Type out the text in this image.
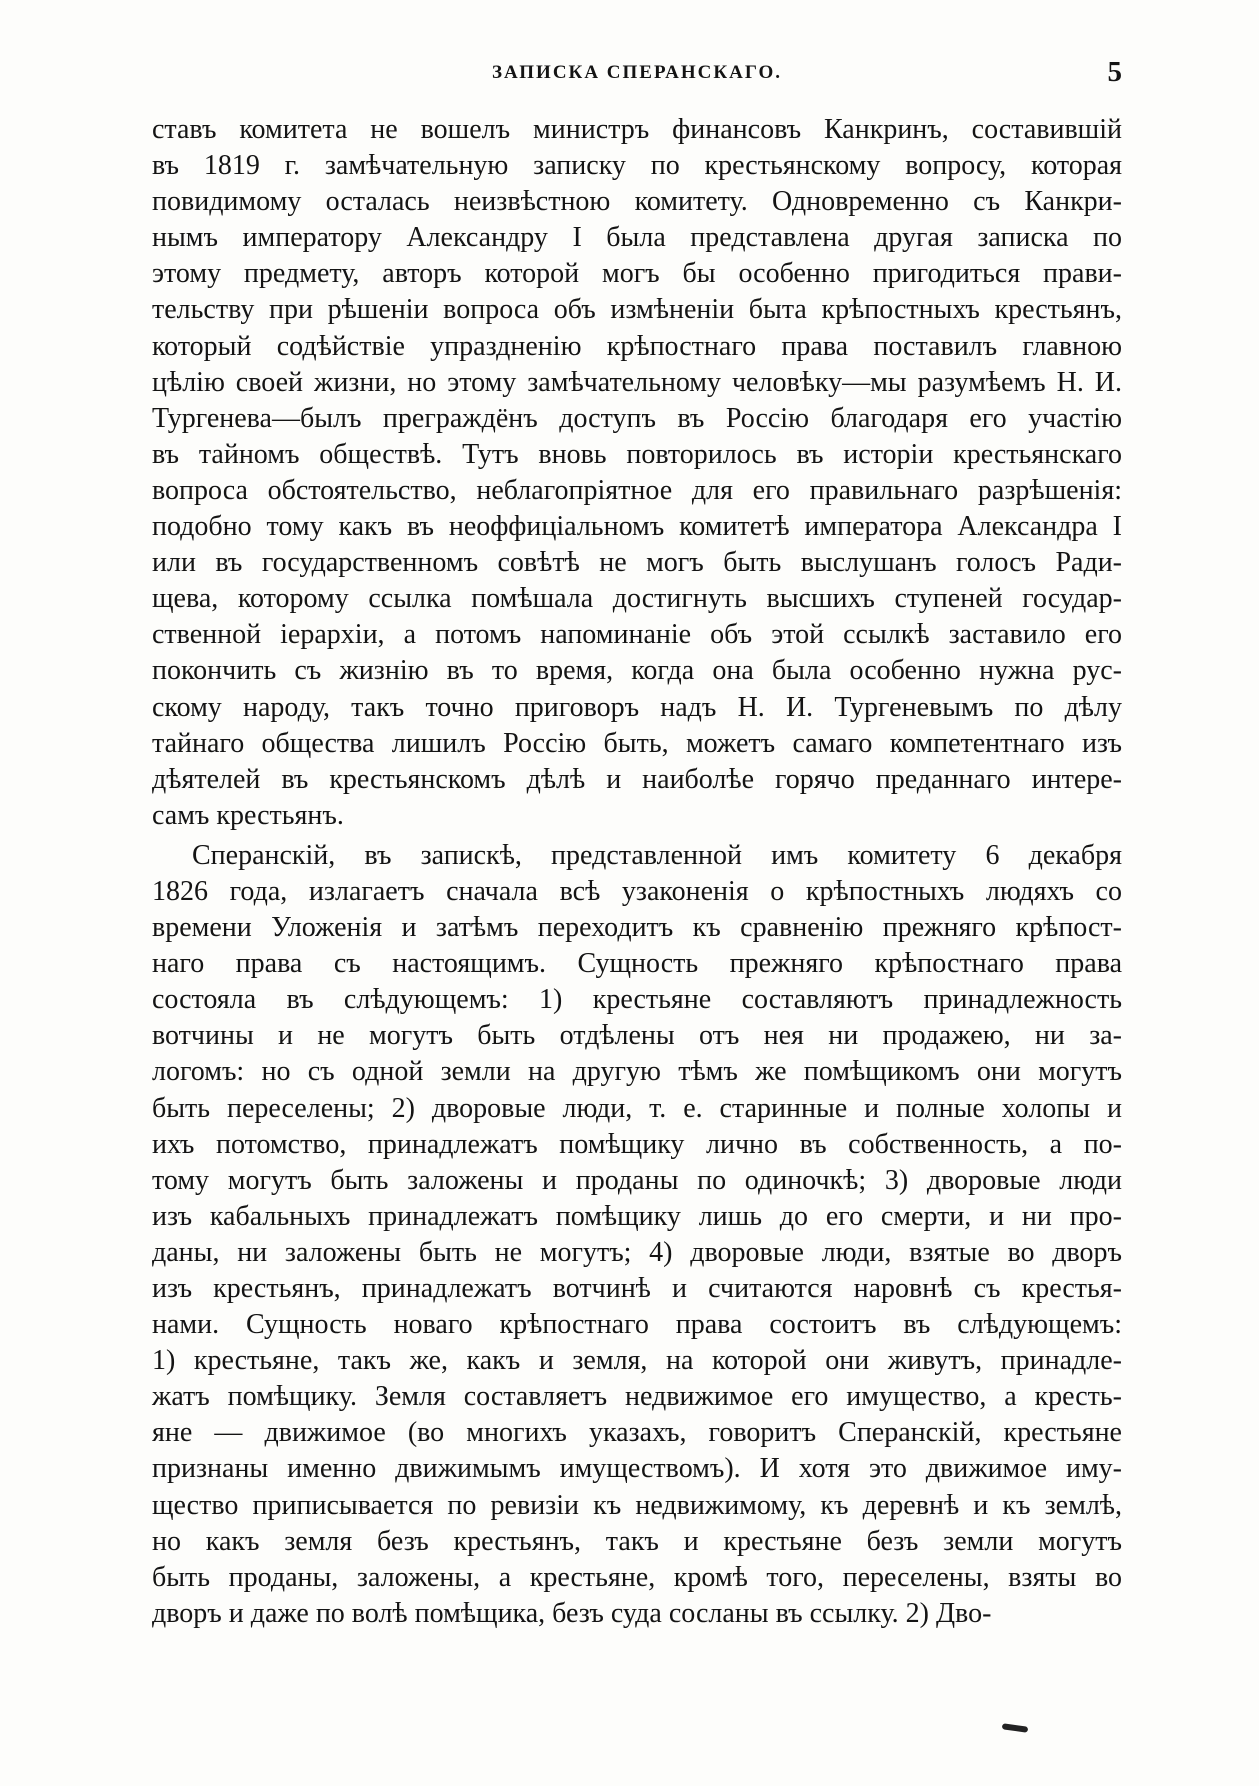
ЗАПИСКА СПЕРАНСКАГО.	5
ставъ комитета не вошелъ министръ финансовъ Канкринъ, составившій
въ 1819 г. замѣчательную записку по крестьянскому вопросу, которая
повидимому осталась неизвѣстною комитету. Одновременно съ Канкри-
нымъ императору Александру I была представлена другая записка по
этому предмету, авторъ которой могъ бы особенно пригодиться прави-
тельству при рѣшеніи вопроса объ измѣненіи быта крѣпостныхъ крестьянъ,
который содѣйствіе упраздненію крѣпостнаго права поставилъ главною
цѣлію своей жизни, но этому замѣчательному человѣку—мы разумѣемъ Н. И.
Тургенева—былъ преграждёнъ доступъ въ Россію благодаря его участію
въ тайномъ обществѣ. Тутъ вновь повторилось въ исторіи крестьянскаго
вопроса обстоятельство, неблагопріятное для его правильнаго разрѣшенія:
подобно тому какъ въ неоффиціальномъ комитетѣ императора Александра I
или въ государственномъ совѣтѣ не могъ быть выслушанъ голосъ Ради-
щева, которому ссылка помѣшала достигнуть высшихъ ступеней государ-
ственной іерархіи, а потомъ напоминаніе объ этой ссылкѣ заставило его
покончить съ жизнію въ то время, когда она была особенно нужна рус-
скому народу, такъ точно приговоръ надъ Н. И. Тургеневымъ по дѣлу
тайнаго общества лишилъ Россію быть, можетъ самаго компетентнаго изъ
дѣятелей въ крестьянскомъ дѣлѣ и наиболѣе горячо преданнаго интере-
самъ крестьянъ.
Сперанскій, въ запискѣ, представленной имъ комитету 6 декабря
1826 года, излагаетъ сначала всѣ узаконенія о крѣпостныхъ людяхъ со
времени Уложенія и затѣмъ переходитъ къ сравненію прежняго крѣпост-
наго права съ настоящимъ. Сущность прежняго крѣпостнаго права
состояла въ слѣдующемъ: 1) крестьяне составляютъ принадлежность
вотчины и не могутъ быть отдѣлены отъ нея ни продажею, ни за-
логомъ: но съ одной земли на другую тѣмъ же помѣщикомъ они могутъ
быть переселены; 2) дворовые люди, т. е. старинные и полные холопы и
ихъ потомство, принадлежатъ помѣщику лично въ собственность, а по-
тому могутъ быть заложены и проданы по одиночкѣ; 3) дворовые люди
изъ кабальныхъ принадлежатъ помѣщику лишь до его смерти, и ни про-
даны, ни заложены быть не могутъ; 4) дворовые люди, взятые во дворъ
изъ крестьянъ, принадлежатъ вотчинѣ и считаются наровнѣ съ крестья-
нами. Сущность новаго крѣпостнаго права состоитъ въ слѣдующемъ:
1) крестьяне, такъ же, какъ и земля, на которой они живутъ, принадле-
жатъ помѣщику. Земля составляетъ недвижимое его имущество, а кресть-
яне — движимое (во многихъ указахъ, говоритъ Сперанскій, крестьяне
признаны именно движимымъ имуществомъ). И хотя это движимое иму-
щество приписывается по ревизіи къ недвижимому, къ деревнѣ и къ землѣ,
но какъ земля безъ крестьянъ, такъ и крестьяне безъ земли могутъ
быть проданы, заложены, а крестьяне, кромѣ того, переселены, взяты во
дворъ и даже по волѣ помѣщика, безъ суда сосланы въ ссылку. 2) Дво-
